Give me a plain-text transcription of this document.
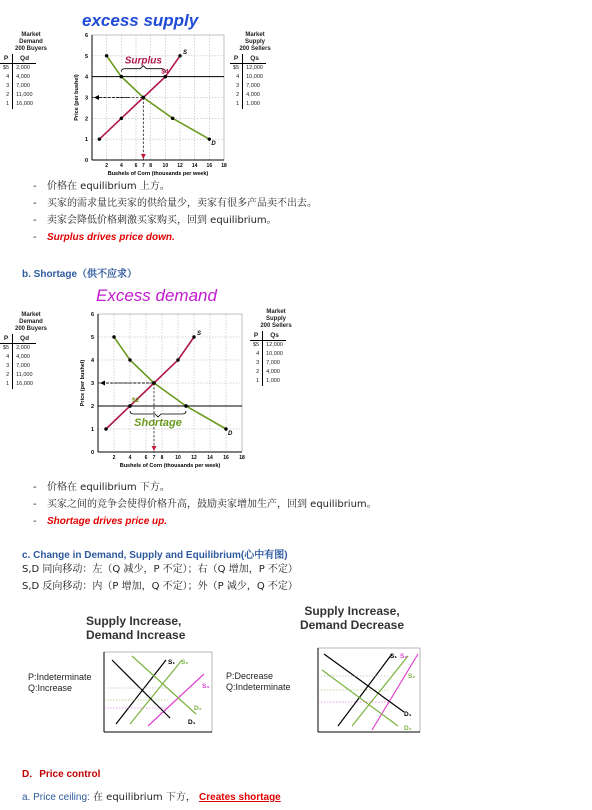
excess supply
Market
Demand
200 Buyers
P	Qd
$5	2,000
4	4,000
3	7,000
2	11,000
1	16,000
Market
Supply
200 Sellers
P	Qs
$5	12,000
4	10,000
3	7,000
2	4,000
1	1,000
0
1
2
3
4
5
6
2 4 6 7 8 10 12 14 16 18
Bushels of Corn (thousands per week)
Price (per bushel)
S
D
Surplus
$4
- 价格在 equilibrium 上方。
- 买家的需求量比卖家的供给量少，卖家有很多产品卖不出去。
- 卖家会降低价格刺激买家购买，回到 equilibrium。
- Surplus drives price down.
b. Shortage（供不应求）
Excess demand
Market
Demand
200 Buyers
P	Qd
$5	2,000
4	4,000
3	7,000
2	11,000
1	16,000
Market
Supply
200 Sellers
P	Qs
$5	12,000
4	10,000
3	7,000
2	4,000
1	1,000
0
1
2
3
4
5
6
2	4	6 7 8 10 12 14 16 18
Bushels of Corn (thousands per week)
Price (per bushel)
S
D
Shortage
$2
- 价格在 equilibrium 下方。
- 买家之间的竞争会使得价格升高，鼓励卖家增加生产，回到 equilibrium。
- Shortage drives price up.
c. Change in Demand, Supply and Equilibrium(心中有图)
S,D 同向移动：左（Q 减少，P 不定）；右（Q 增加，P 不定）
S,D 反向移动：内（P 增加，Q 不定）；外（P 减少，Q 不定）
Supply Increase,
Demand Increase
P:Indeterminate
Q:Increase
S₁ S₂
S₃
D₂
D₁
Supply Increase,
Demand Decrease
P:Decrease
Q:Indeterminate
S₁ S₃
S₂
D₁
D₂
D．Price control
a. Price ceiling: 在 equilibrium 下方， Creates shortage
